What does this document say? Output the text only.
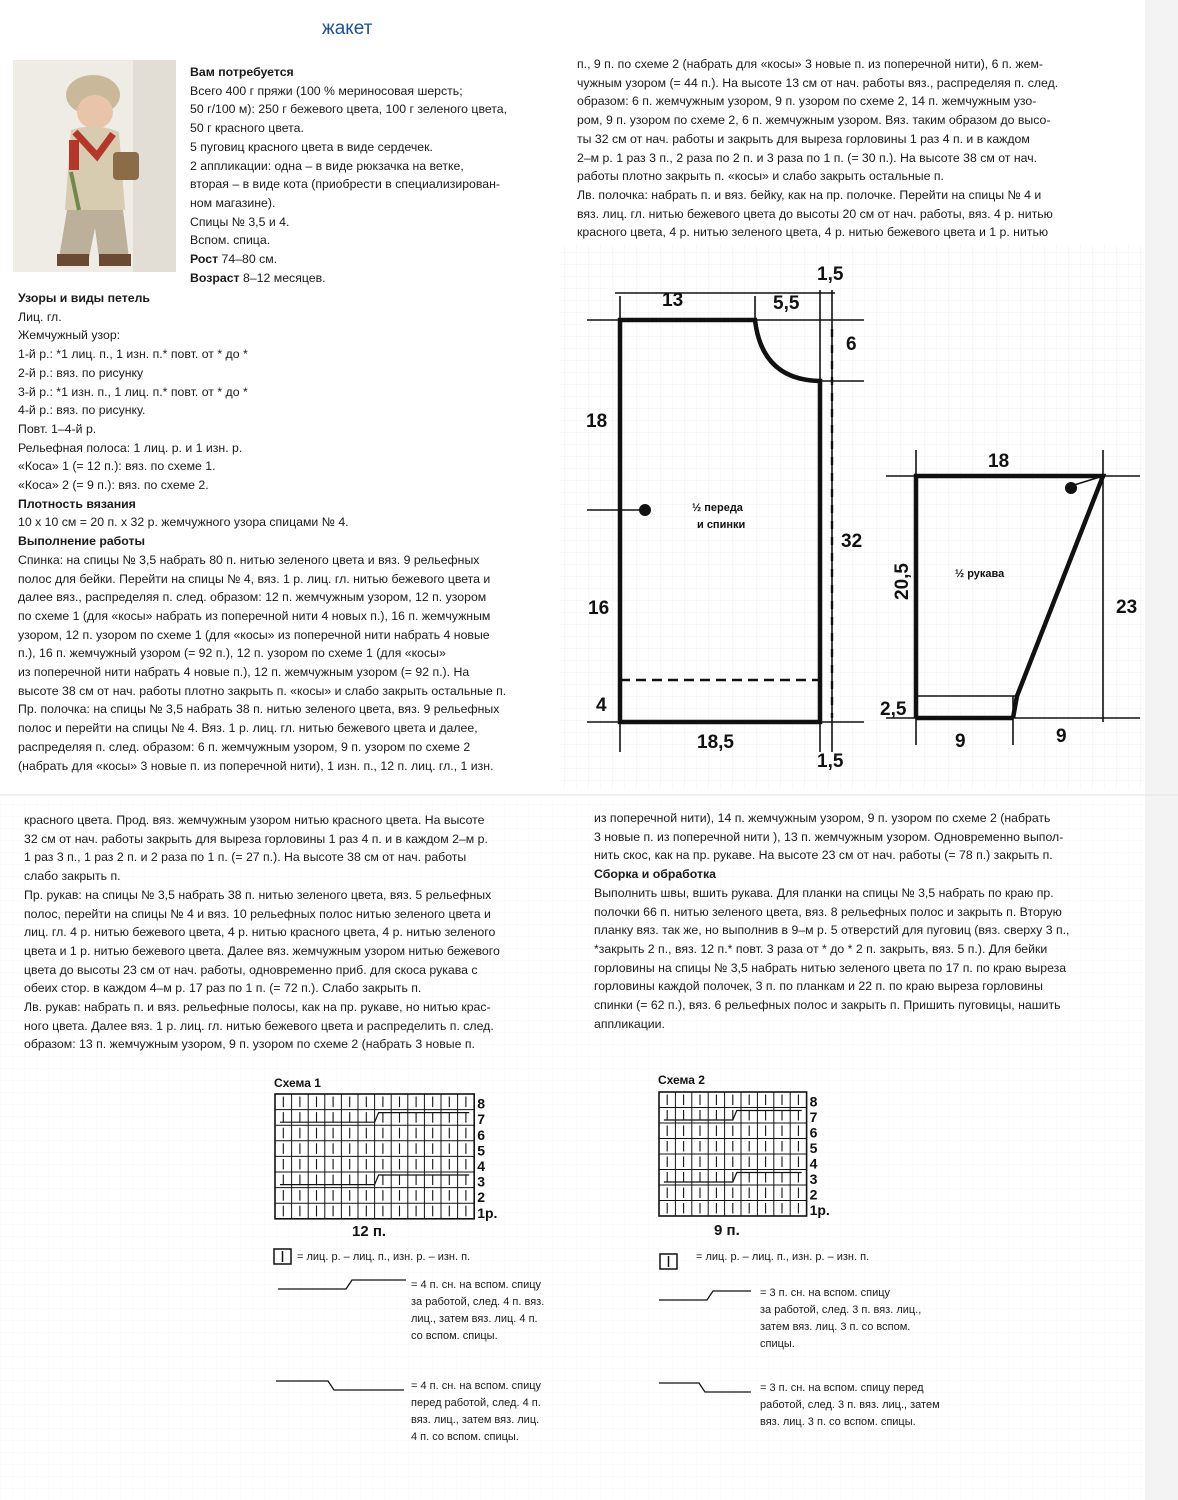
жакет
Вам потребуется
Всего 400 г пряжи (100 % мериносовая шерсть;
50 г/100 м): 250 г бежевого цвета, 100 г зеленого цвета,
50 г красного цвета.
5 пуговиц красного цвета в виде сердечек.
2 аппликации: одна – в виде рюкзачка на ветке,
вторая – в виде кота (приобрести в специализирован-
ном магазине).
Спицы № 3,5 и 4.
Вспом. спица.
Рост 74–80 см.
Возраст 8–12 месяцев.
Узоры и виды петель
Лиц. гл.
Жемчужный узор:
1-й р.: *1 лиц. п., 1 изн. п.* повт. от * до *
2-й р.: вяз. по рисунку
3-й р.: *1 изн. п., 1 лиц. п.* повт. от * до *
4-й р.: вяз. по рисунку.
Повт. 1–4-й р.
Рельефная полоса: 1 лиц. р. и 1 изн. р.
«Коса» 1 (= 12 п.): вяз. по схеме 1.
«Коса» 2 (= 9 п.): вяз. по схеме 2.
Плотность вязания
10 х 10 см = 20 п. х 32 р. жемчужного узора спицами № 4.
Выполнение работы
Спинка: на спицы № 3,5 набрать 80 п. нитью зеленого цвета и вяз. 9 рельефных
полос для бейки. Перейти на спицы № 4, вяз. 1 р. лиц. гл. нитью бежевого цвета и
далее вяз., распределяя п. след. образом: 12 п. жемчужным узором, 12 п. узором
по схеме 1 (для «косы» набрать из поперечной нити 4 новых п.), 16 п. жемчужным
узором, 12 п. узором по схеме 1 (для «косы» из поперечной нити набрать 4 новые
п.), 16 п. жемчужный узором (= 92 п.), 12 п. узором по схеме 1 (для «косы»
из поперечной нити набрать 4 новые п.), 12 п. жемчужным узором (= 92 п.). На
высоте 38 см от нач. работы плотно закрыть п. «косы» и слабо закрыть остальные п.
Пр. полочка: на спицы № 3,5 набрать 38 п. нитью зеленого цвета, вяз. 9 рельефных
полос и перейти на спицы № 4. Вяз. 1 р. лиц. гл. нитью бежевого цвета и далее,
распределяя п. след. образом: 6 п. жемчужным узором, 9 п. узором по схеме 2
(набрать для «косы» 3 новые п. из поперечной нити), 1 изн. п., 12 п. лиц. гл., 1 изн.
п., 9 п. по схеме 2 (набрать для «косы» 3 новые п. из поперечной нити), 6 п. жем-
чужным узором (= 44 п.). На высоте 13 см от нач. работы вяз., распределяя п. след.
образом: 6 п. жемчужным узором, 9 п. узором по схеме 2, 14 п. жемчужным узо-
ром, 9 п. узором по схеме 2, 6 п. жемчужным узором. Вяз. таким образом до высо-
ты 32 см от нач. работы и закрыть для выреза горловины 1 раз 4 п. и в каждом
2–м р. 1 раз 3 п., 2 раза по 2 п. и 3 раза по 1 п. (= 30 п.). На высоте 38 см от нач.
работы плотно закрыть п. «косы» и слабо закрыть остальные п.
Лв. полочка: набрать п. и вяз. бейку, как на пр. полочке. Перейти на спицы № 4 и
вяз. лиц. гл. нитью бежевого цвета до высоты 20 см от нач. работы, вяз. 4 р. нитью
красного цвета, 4 р. нитью зеленого цвета, 4 р. нитью бежевого цвета и 1 р. нитью
13	5,5
1,5
6
18
32
16
4
18,5
1,5
18
23
2,5
9	9
20,5
½ переда
и спинки
½ рукава
красного цвета. Прод. вяз. жемчужным узором нитью красного цвета. На высоте
32 см от нач. работы закрыть для выреза горловины 1 раз 4 п. и в каждом 2–м р.
1 раз 3 п., 1 раз 2 п. и 2 раза по 1 п. (= 27 п.). На высоте 38 см от нач. работы
слабо закрыть п.
Пр. рукав: на спицы № 3,5 набрать 38 п. нитью зеленого цвета, вяз. 5 рельефных
полос, перейти на спицы № 4 и вяз. 10 рельефных полос нитью зеленого цвета и
лиц. гл. 4 р. нитью бежевого цвета, 4 р. нитью красного цвета, 4 р. нитью зеленого
цвета и 1 р. нитью бежевого цвета. Далее вяз. жемчужным узором нитью бежевого
цвета до высоты 23 см от нач. работы, одновременно приб. для скоса рукава с
обеих стор. в каждом 4–м р. 17 раз по 1 п. (= 72 п.). Слабо закрыть п.
Лв. рукав: набрать п. и вяз. рельефные полосы, как на пр. рукаве, но нитью крас-
ного цвета. Далее вяз. 1 р. лиц. гл. нитью бежевого цвета и распределить п. след.
образом: 13 п. жемчужным узором, 9 п. узором по схеме 2 (набрать 3 новые п.
из поперечной нити), 14 п. жемчужным узором, 9 п. узором по схеме 2 (набрать
3 новые п. из поперечной нити ), 13 п. жемчужным узором. Одновременно выпол-
нить скос, как на пр. рукаве. На высоте 23 см от нач. работы (= 78 п.) закрыть п.
Сборка и обработка
Выполнить швы, вшить рукава. Для планки на спицы № 3,5 набрать по краю пр.
полочки 66 п. нитью зеленого цвета, вяз. 8 рельефных полос и закрыть п. Вторую
планку вяз. так же, но выполнив в 9–м р. 5 отверстий для пуговиц (вяз. сверху 3 п.,
*закрыть 2 п., вяз. 12 п.* повт. 3 раза от * до * 2 п. закрыть, вяз. 5 п.). Для бейки
горловины на спицы № 3,5 набрать нитью зеленого цвета по 17 п. по краю выреза
горловины каждой полочек, 3 п. по планкам и 22 п. по краю выреза горловины
спинки (= 62 п.), вяз. 6 рельефных полос и закрыть п. Пришить пуговицы, нашить
аппликации.
Схема 1
8
7
6
5
4
3
2
1р.
12 п.
= лиц. р. – лиц. п., изн. р. – изн. п.
= 4 п. сн. на вспом. спицу
за работой, след. 4 п. вяз.
лиц., затем вяз. лиц. 4 п.
со вспом. спицы.
= 4 п. сн. на вспом. спицу
перед работой, след. 4 п.
вяз. лиц., затем вяз. лиц.
4 п. со вспом. спицы.
Схема 2
8
7
6
5
4
3
2
1р.
9 п.
= лиц. р. – лиц. п., изн. р. – изн. п.
= 3 п. сн. на вспом. спицу
за работой, след. 3 п. вяз. лиц.,
затем вяз. лиц. 3 п. со вспом.
спицы.
= 3 п. сн. на вспом. спицу перед
работой, след. 3 п. вяз. лиц., затем
вяз. лиц. 3 п. со вспом. спицы.
